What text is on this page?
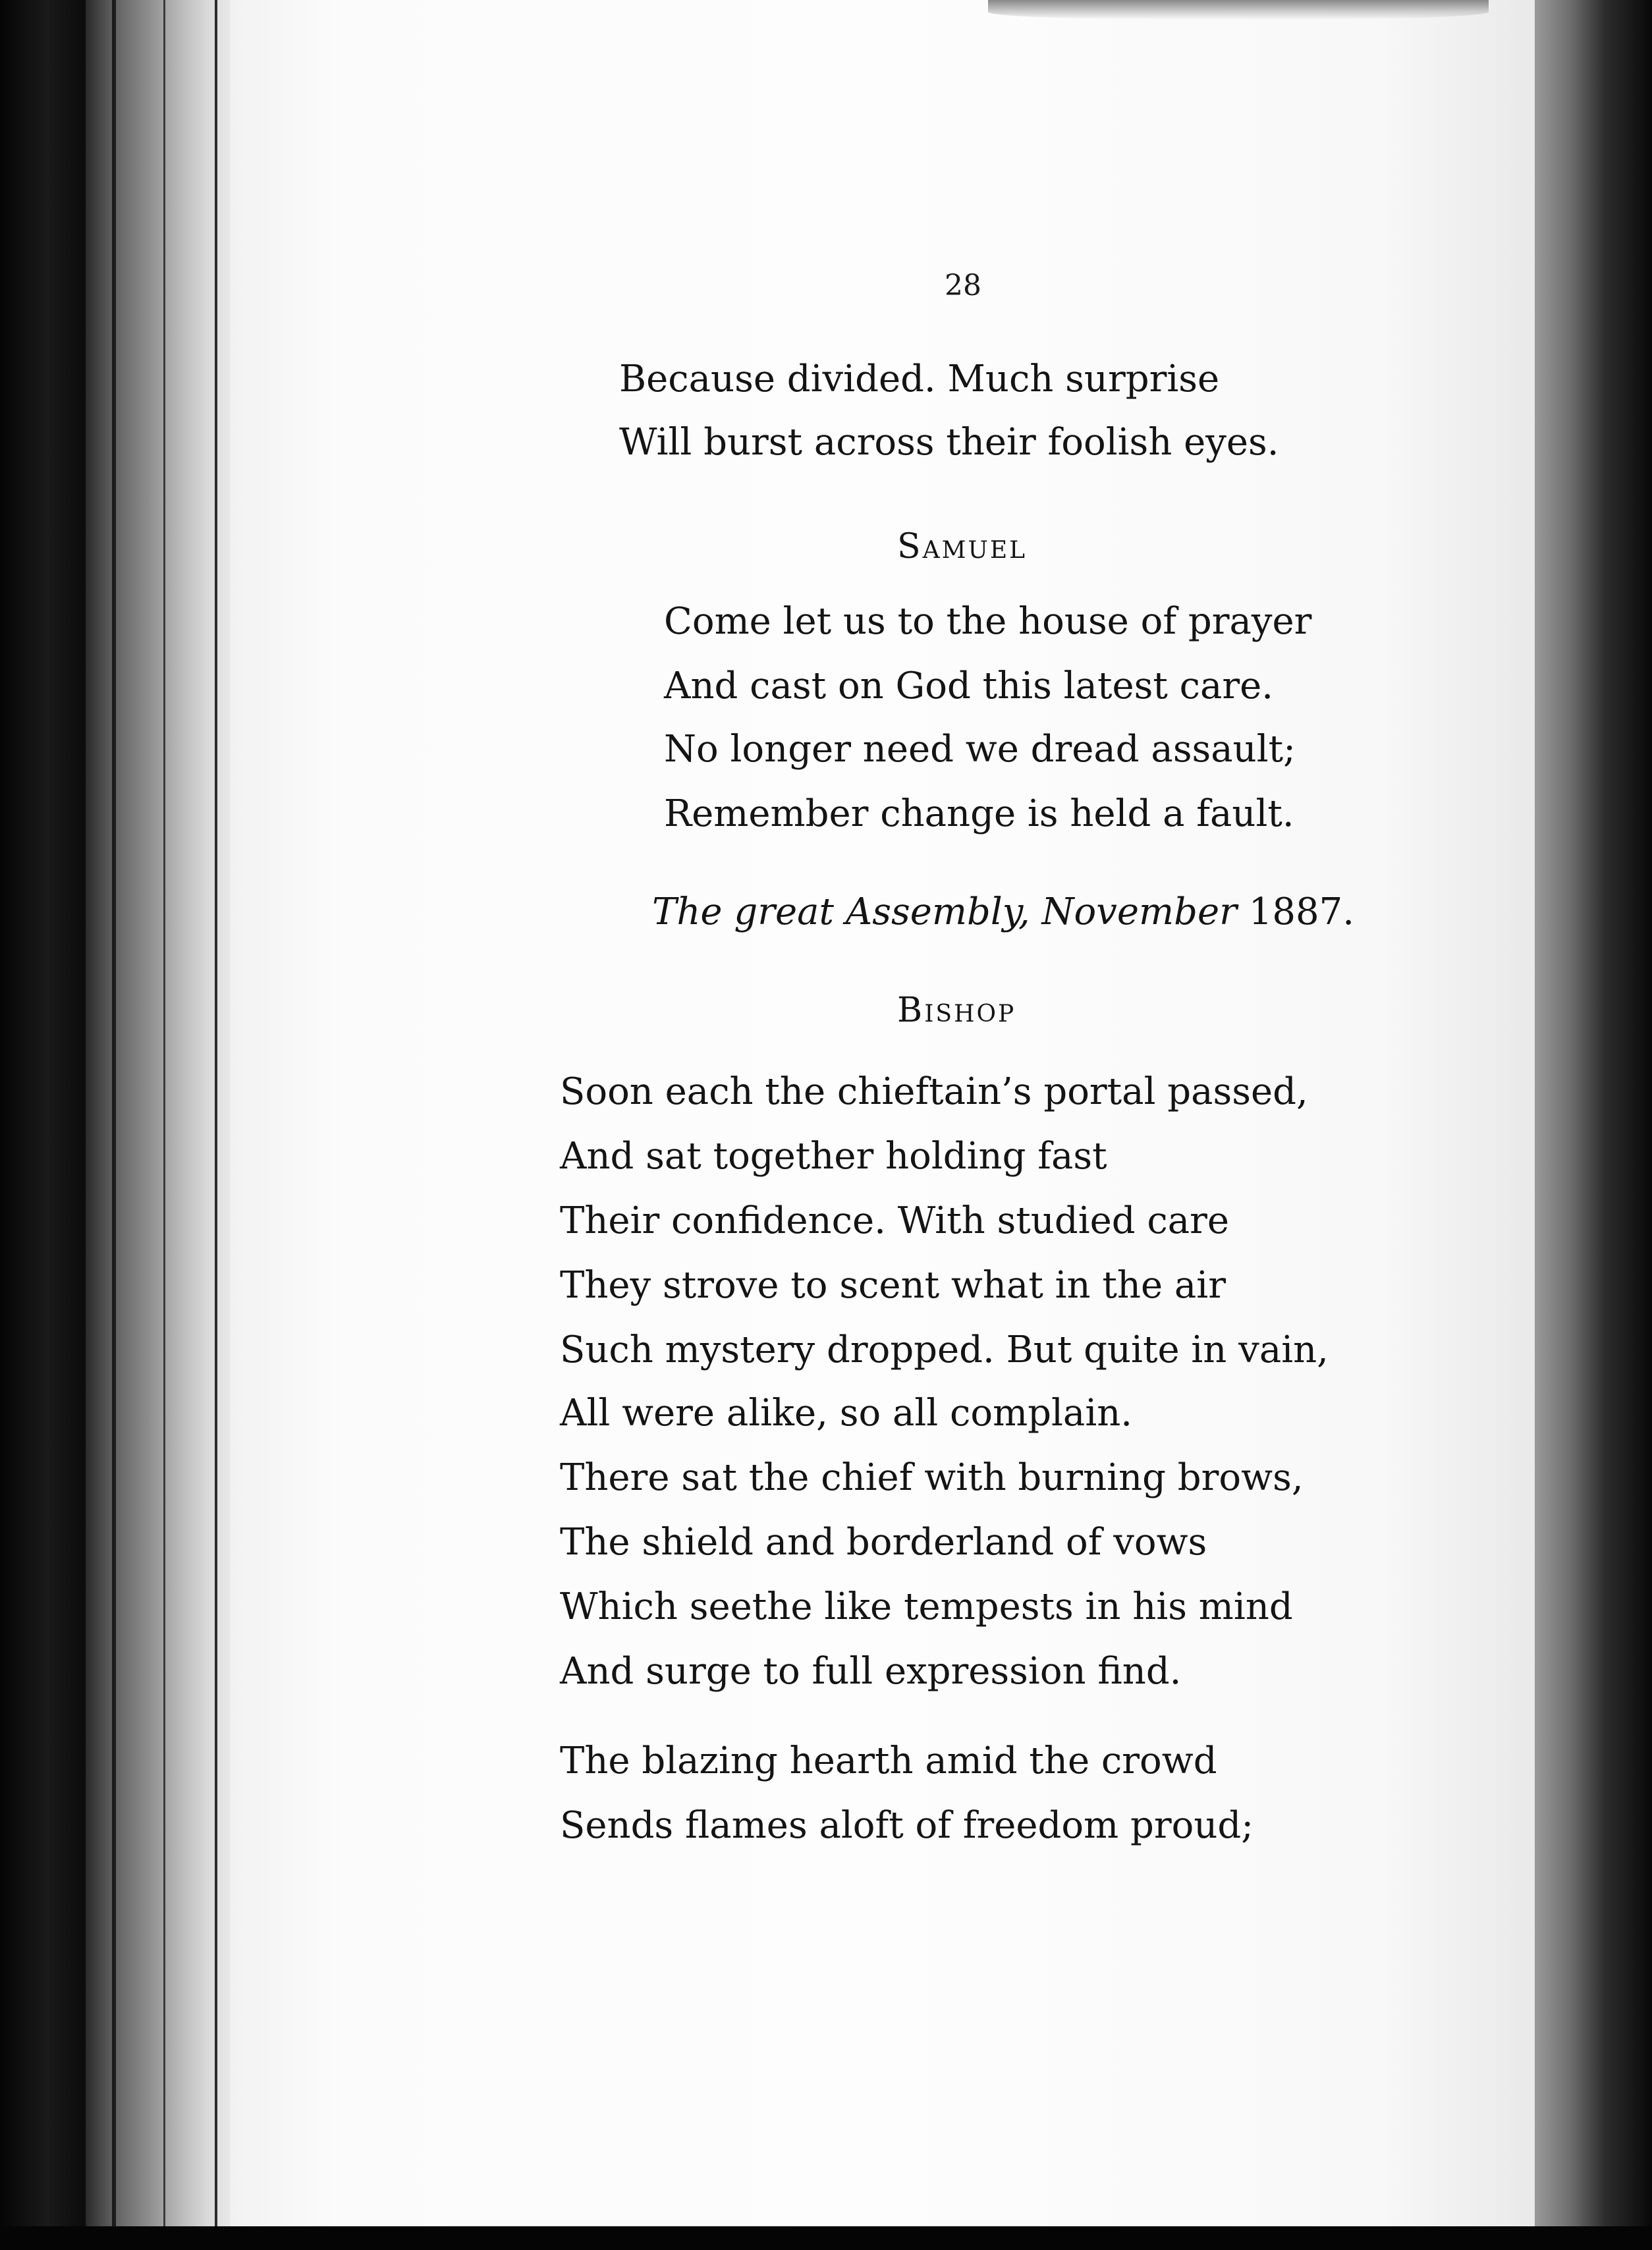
28

Because divided. Much surprise

Will burst across their foolish eyes.

Samuel

Come let us to the house of prayer

And cast on God this latest care.

No longer need we dread assault;

Remember change is held a fault.

The great Assembly, November 1887.
Bishop

Soon each the chieftain’s portal passed,

And sat together holding fast

Their confidence. With studied care

They strove to scent what in the air

Such mystery dropped. But quite in vain,

All were alike, so all complain.

There sat the chief with burning brows,

The shield and borderland of vows

Which seethe like tempests in his mind

And surge to full expression find.

The blazing hearth amid the crowd

Sends flames aloft of freedom proud;
